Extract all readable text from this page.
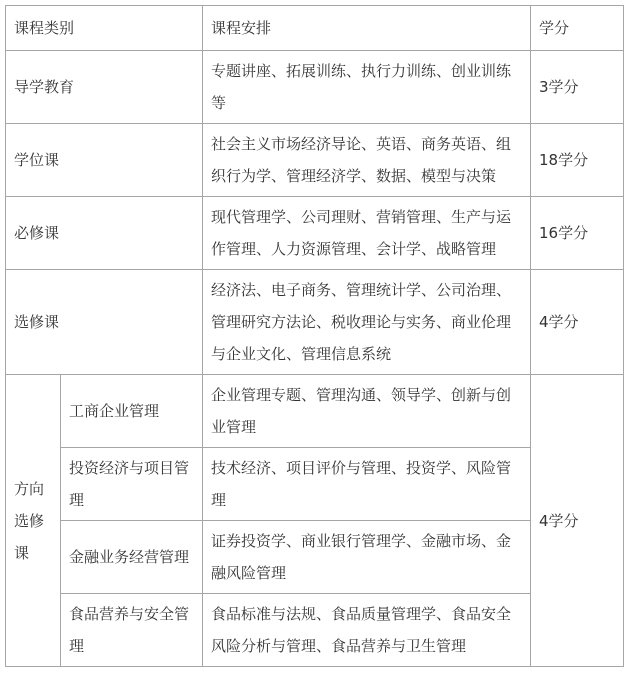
课程类别		课程安排	学分
导学教育		专题讲座、拓展训练、执行力训练、创业训练等	3学分
学位课		社会主义市场经济导论、英语、商务英语、组织行为学、管理经济学、数据、模型与决策	18学分
必修课		现代管理学、公司理财、营销管理、生产与运作管理、人力资源管理、会计学、战略管理	16学分
选修课		经济法、电子商务、管理统计学、公司治理、管理研究方法论、税收理论与实务、商业伦理与企业文化、管理信息系统	4学分
方向选修课	工商企业管理	企业管理专题、管理沟通、领导学、创新与创业管理	4学分
	投资经济与项目管理	技术经济、项目评价与管理、投资学、风险管理	
	金融业务经营管理	证券投资学、商业银行管理学、金融市场、金融风险管理	
	食品营养与安全管理	食品标准与法规、食品质量管理学、食品安全风险分析与管理、食品营养与卫生管理	
